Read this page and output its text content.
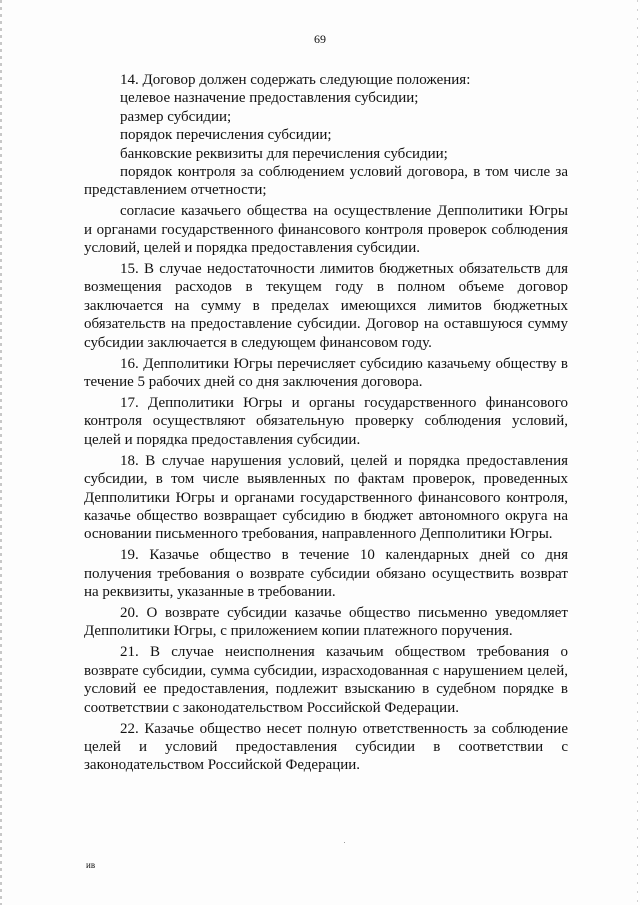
69
14. Договор должен содержать следующие положения:
целевое назначение предоставления субсидии;
размер субсидии;
порядок перечисления субсидии;
банковские реквизиты для перечисления субсидии;
порядок контроля за соблюдением условий договора, в том числе за
представлением отчетности;
согласие казачьего общества на осуществление Депполитики Югры
и органами государственного финансового контроля проверок соблюдения
условий, целей и порядка предоставления субсидии.
15. В случае недостаточности лимитов бюджетных обязательств для
возмещения расходов в текущем году в полном объеме договор
заключается на сумму в пределах имеющихся лимитов бюджетных
обязательств на предоставление субсидии. Договор на оставшуюся сумму
субсидии заключается в следующем финансовом году.
16. Депполитики Югры перечисляет субсидию казачьему обществу в
течение 5 рабочих дней со дня заключения договора.
17. Депполитики Югры и органы государственного финансового
контроля осуществляют обязательную проверку соблюдения условий,
целей и порядка предоставления субсидии.
18. В случае нарушения условий, целей и порядка предоставления
субсидии, в том числе выявленных по фактам проверок, проведенных
Депполитики Югры и органами государственного финансового контроля,
казачье общество возвращает субсидию в бюджет автономного округа на
основании письменного требования, направленного Депполитики Югры.
19. Казачье общество в течение 10 календарных дней со дня
получения требования о возврате субсидии обязано осуществить возврат
на реквизиты, указанные в требовании.
20. О возврате субсидии казачье общество письменно уведомляет
Депполитики Югры, с приложением копии платежного поручения.
21. В случае неисполнения казачьим обществом требования о
возврате субсидии, сумма субсидии, израсходованная с нарушением целей,
условий ее предоставления, подлежит взысканию в судебном порядке в
соответствии с законодательством Российской Федерации.
22. Казачье общество несет полную ответственность за соблюдение
целей и условий предоставления субсидии в соответствии с
законодательством Российской Федерации.
ив
